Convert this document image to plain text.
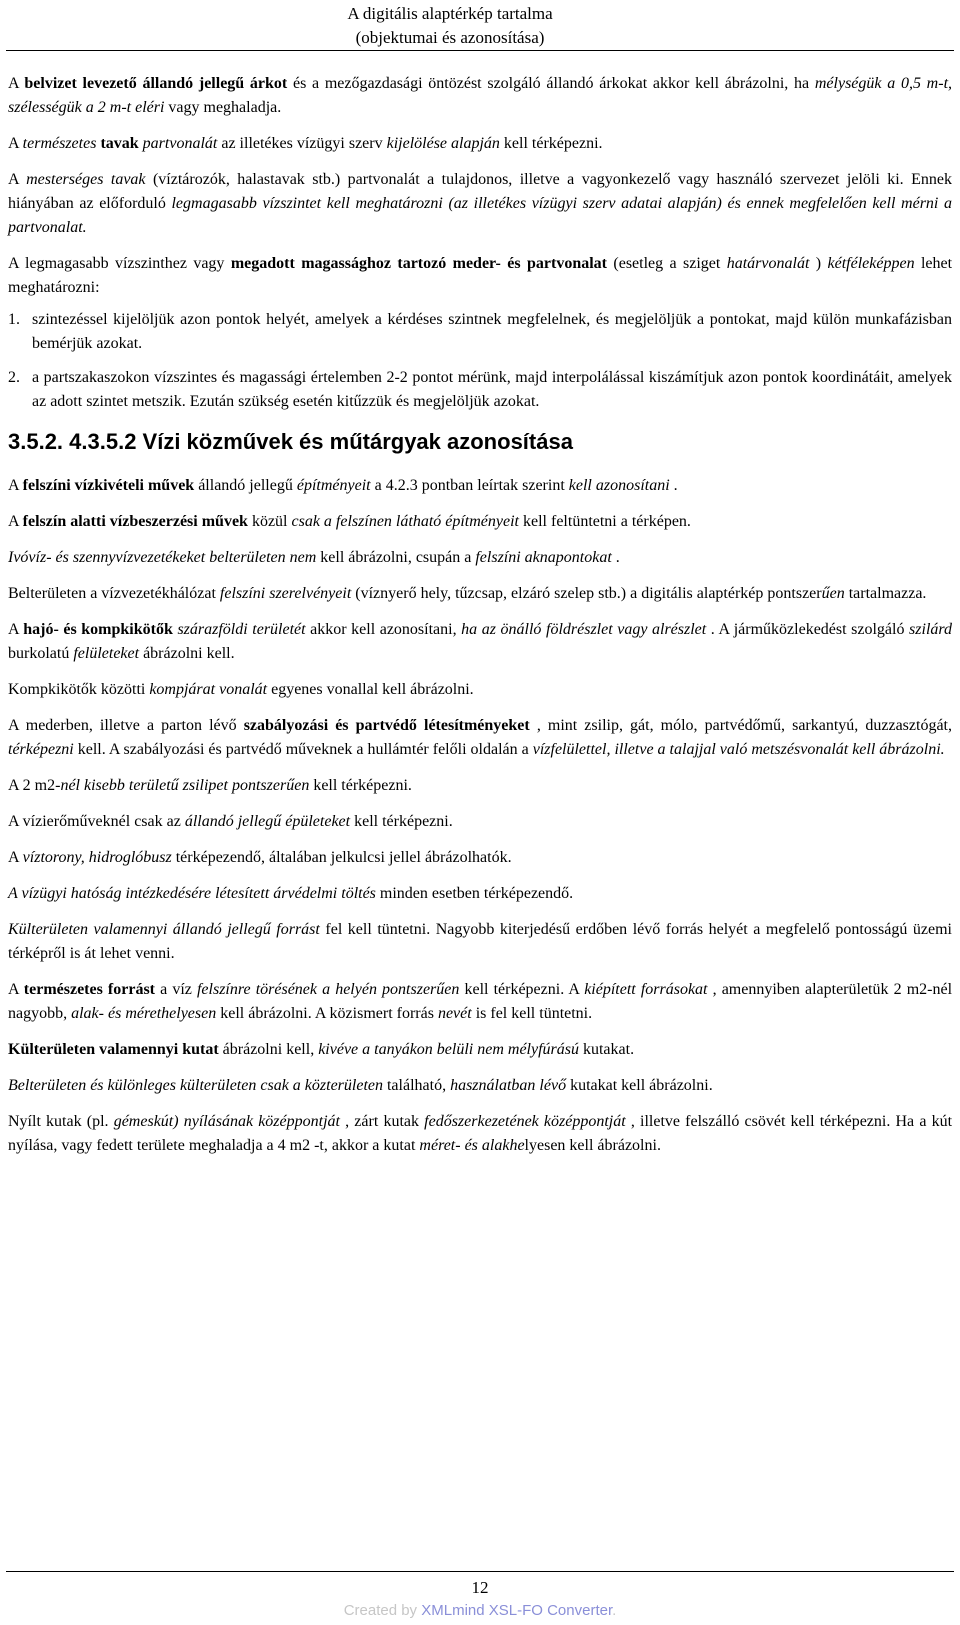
A digitális alaptérkép tartalma
(objektumai és azonosítása)

A belvizet levezető állandó jellegű árkot és a mezőgazdasági öntözést szolgáló állandó árkokat akkor kell ábrázolni, ha mélységük a 0,5 m-t, szélességük a 2 m-t eléri vagy meghaladja.

A természetes tavak partvonalát az illetékes vízügyi szerv kijelölése alapján kell térképezni.

A mesterséges tavak (víztározók, halastavak stb.) partvonalát a tulajdonos, illetve a vagyonkezelő vagy használó szervezet jelöli ki. Ennek hiányában az előforduló legmagasabb vízszintet kell meghatározni (az illetékes vízügyi szerv adatai alapján) és ennek megfelelően kell mérni a partvonalat.

A legmagasabb vízszinthez vagy megadott magassághoz tartozó meder- és partvonalat (esetleg a sziget határvonalát ) kétféleképpen lehet meghatározni:

1. szintezéssel kijelöljük azon pontok helyét, amelyek a kérdéses szintnek megfelelnek, és megjelöljük a pontokat, majd külön munkafázisban bemérjük azokat.
2. a partszakaszokon vízszintes és magassági értelemben 2-2 pontot mérünk, majd interpolálással kiszámítjuk azon pontok koordinátáit, amelyek az adott szintet metszik. Ezután szükség esetén kitűzzük és megjelöljük azokat.
3.5.2. 4.3.5.2 Vízi közművek és műtárgyak azonosítása

A felszíni vízkivételi művek állandó jellegű építményeit a 4.2.3 pontban leírtak szerint kell azonosítani .

A felszín alatti vízbeszerzési művek közül csak a felszínen látható építményeit kell feltüntetni a térképen.

Ivóvíz- és szennyvízvezetékeket belterületen nem kell ábrázolni, csupán a felszíni aknapontokat .

Belterületen a vízvezetékhálózat felszíni szerelvényeit (víznyerő hely, tűzcsap, elzáró szelep stb.) a digitális alaptérkép pontszerűen tartalmazza.

A hajó- és kompkikötők szárazföldi területét akkor kell azonosítani, ha az önálló földrészlet vagy alrészlet . A járműközlekedést szolgáló szilárd burkolatú felületeket ábrázolni kell.

Kompkikötők közötti kompjárat vonalát egyenes vonallal kell ábrázolni.

A mederben, illetve a parton lévő szabályozási és partvédő létesítményeket , mint zsilip, gát, mólo, partvédőmű, sarkantyú, duzzasztógát, térképezni kell. A szabályozási és partvédő műveknek a hullámtér felőli oldalán a vízfelülettel, illetve a talajjal való metszésvonalát kell ábrázolni.

A 2 m2-nél kisebb területű zsilipet pontszerűen kell térképezni.

A vízierőműveknél csak az állandó jellegű épületeket kell térképezni.

A víztorony, hidroglóbusz térképezendő, általában jelkulcsi jellel ábrázolhatók.

A vízügyi hatóság intézkedésére létesített árvédelmi töltés minden esetben térképezendő.

Külterületen valamennyi állandó jellegű forrást fel kell tüntetni. Nagyobb kiterjedésű erdőben lévő forrás helyét a megfelelő pontosságú üzemi térképről is át lehet venni.

A természetes forrást a víz felszínre törésének a helyén pontszerűen kell térképezni. A kiépített forrásokat , amennyiben alapterületük 2 m2-nél nagyobb, alak- és mérethelyesen kell ábrázolni. A közismert forrás nevét is fel kell tüntetni.

Külterületen valamennyi kutat ábrázolni kell, kivéve a tanyákon belüli nem mélyfúrású kutakat.

Belterületen és különleges külterületen csak a közterületen található, használatban lévő kutakat kell ábrázolni.

Nyílt kutak (pl. gémeskút) nyílásának középpontját , zárt kutak fedőszerkezetének középpontját , illetve felszálló csövét kell térképezni. Ha a kút nyílása, vagy fedett területe meghaladja a 4 m2 -t, akkor a kutat méret- és alakhelyesen kell ábrázolni.

12
Created by XMLmind XSL-FO Converter.
